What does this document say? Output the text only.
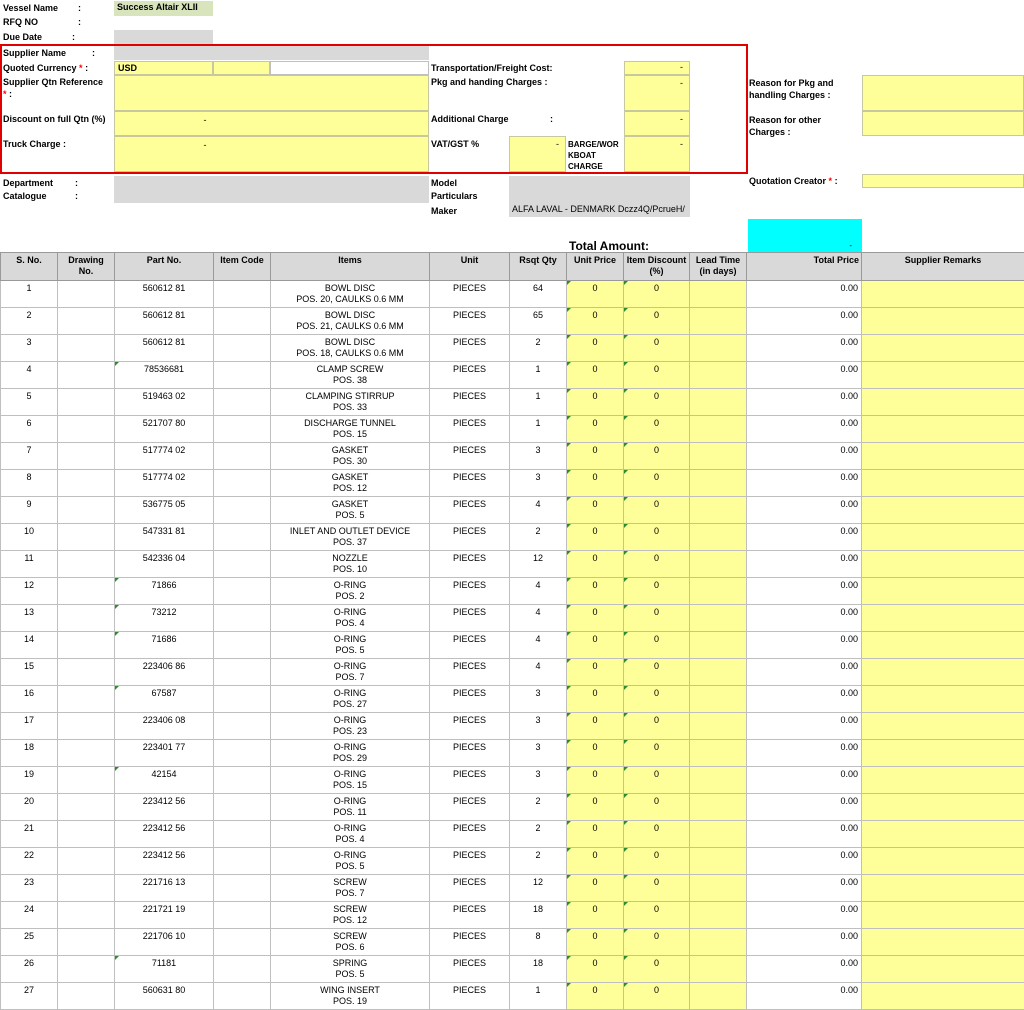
Vessel Name :	Success Altair XLII
RFQ NO	:
Due Date	:
Supplier Name	:
Quoted Currency * :	USD
Supplier Qtn Reference
* :
Discount on full Qtn (%)	-
Truck Charge :	-
Transportation/Freight Cost:	-
Pkg and handing Charges :	-
Additional Charge	:	-
VAT/GST %	-	BARGE/WOR KBOAT CHARGE
-
Reason for Pkg and handling Charges :
Reason for other Charges :
Department :
Catalogue	:
Model
Particulars
Maker	ALFA LAVAL - DENMARK Dczz4Q/PcrueH/
Quotation Creator * :
Total Amount:	-
S. No.	Drawing No.	Part No.	Item Code	Items	Unit	Rsqt Qty	Unit Price	Item Discount (%)	Lead Time (in days)	Total Price	Supplier Remarks
1		560612 81		BOWL DISC
POS. 20, CAULKS 0.6 MM	PIECES	64	0	0		0.00	
2		560612 81		BOWL DISC
POS. 21, CAULKS 0.6 MM	PIECES	65	0	0		0.00	
3		560612 81		BOWL DISC
POS. 18, CAULKS 0.6 MM	PIECES	2	0	0		0.00	
4		78536681		CLAMP SCREW
POS. 38	PIECES	1	0	0		0.00	
5		519463 02		CLAMPING STIRRUP
POS. 33	PIECES	1	0	0		0.00	
6		521707 80		DISCHARGE TUNNEL
POS. 15	PIECES	1	0	0		0.00	
7		517774 02		GASKET
POS. 30	PIECES	3	0	0		0.00	
8		517774 02		GASKET
POS. 12	PIECES	3	0	0		0.00	
9		536775 05		GASKET
POS. 5	PIECES	4	0	0		0.00	
10		547331 81		INLET AND OUTLET DEVICE
POS. 37	PIECES	2	0	0		0.00	
11		542336 04		NOZZLE
POS. 10	PIECES	12	0	0		0.00	
12		71866		O-RING
POS. 2	PIECES	4	0	0		0.00	
13		73212		O-RING
POS. 4	PIECES	4	0	0		0.00	
14		71686		O-RING
POS. 5	PIECES	4	0	0		0.00	
15		223406 86		O-RING
POS. 7	PIECES	4	0	0		0.00	
16		67587		O-RING
POS. 27	PIECES	3	0	0		0.00	
17		223406 08		O-RING
POS. 23	PIECES	3	0	0		0.00	
18		223401 77		O-RING
POS. 29	PIECES	3	0	0		0.00	
19		42154		O-RING
POS. 15	PIECES	3	0	0		0.00	
20		223412 56		O-RING
POS. 11	PIECES	2	0	0		0.00	
21		223412 56		O-RING
POS. 4	PIECES	2	0	0		0.00	
22		223412 56		O-RING
POS. 5	PIECES	2	0	0		0.00	
23		221716 13		SCREW
POS. 7	PIECES	12	0	0		0.00	
24		221721 19		SCREW
POS. 12	PIECES	18	0	0		0.00	
25		221706 10		SCREW
POS. 6	PIECES	8	0	0		0.00	
26		71181		SPRING
POS. 5	PIECES	18	0	0		0.00	
27		560631 80		WING INSERT
POS. 19	PIECES	1	0	0		0.00	
